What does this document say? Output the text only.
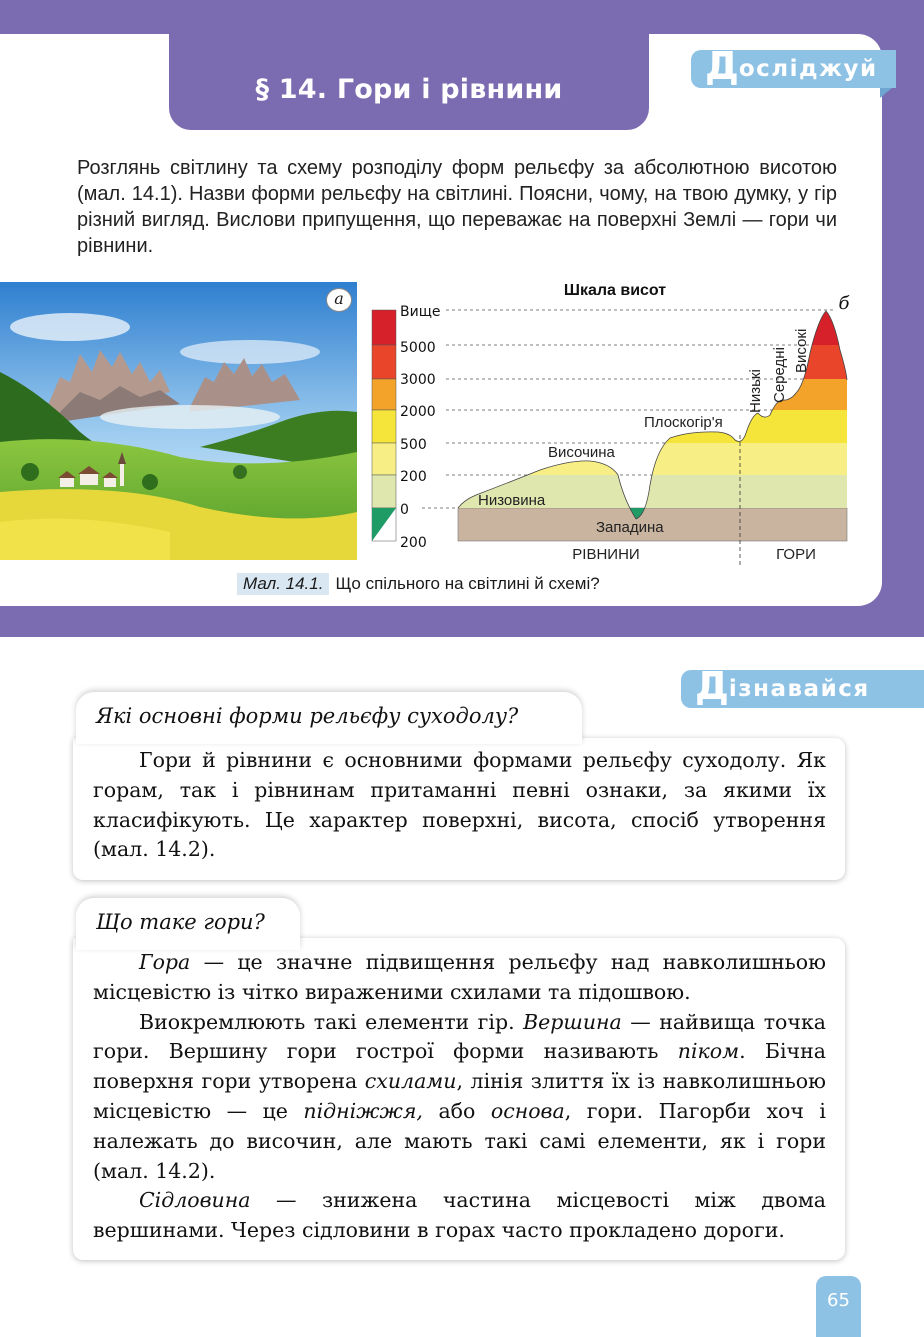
§ 14. Гори і рівнини
Д осліджуй

Розглянь світлину та схему розподілу форм рельєфу за абсолютною висотою (мал. 14.1). Назви форми рельєфу на світлині. Поясни, чому, на твою думку, у гір різний вигляд. Вислови припущення, що переважає на поверхні Землі — гори чи рівнини.

а	Шкала висот
б
Вище
5000
3000
2000
500
200
0
200
Низовина
Височина
Плоскогір'я
Западина
Низькі Середні Високі
РІВНИНИ	ГОРИ
Мал. 14.1. Що спільного на світлині й схемі?
Д ізнавайся
Які основні форми рельєфу суходолу?

Гори й рівнини є основними формами рельєфу суходолу. Як горам, так і рівнинам притаманні певні ознаки, за якими їх класифікують. Це характер поверхні, висота, спосіб утворення (мал. 14.2).

Що таке гори?

Гора — це значне підвищення рельєфу над навколишньою місцевістю із чітко вираженими схилами та підошвою.

Виокремлюють такі елементи гір. Вершина — найвища точка гори. Вершину гори гострої форми називають піком. Бічна поверхня гори утворена схилами, лінія злиття їх із навколишньою місцевістю — це підніжжя, або основа, гори. Пагорби хоч і належать до височин, але мають такі самі елементи, як і гори (мал. 14.2).

Сідловина — знижена частина місцевості між двома вершинами. Через сідловини в горах часто прокладено дороги.

65
